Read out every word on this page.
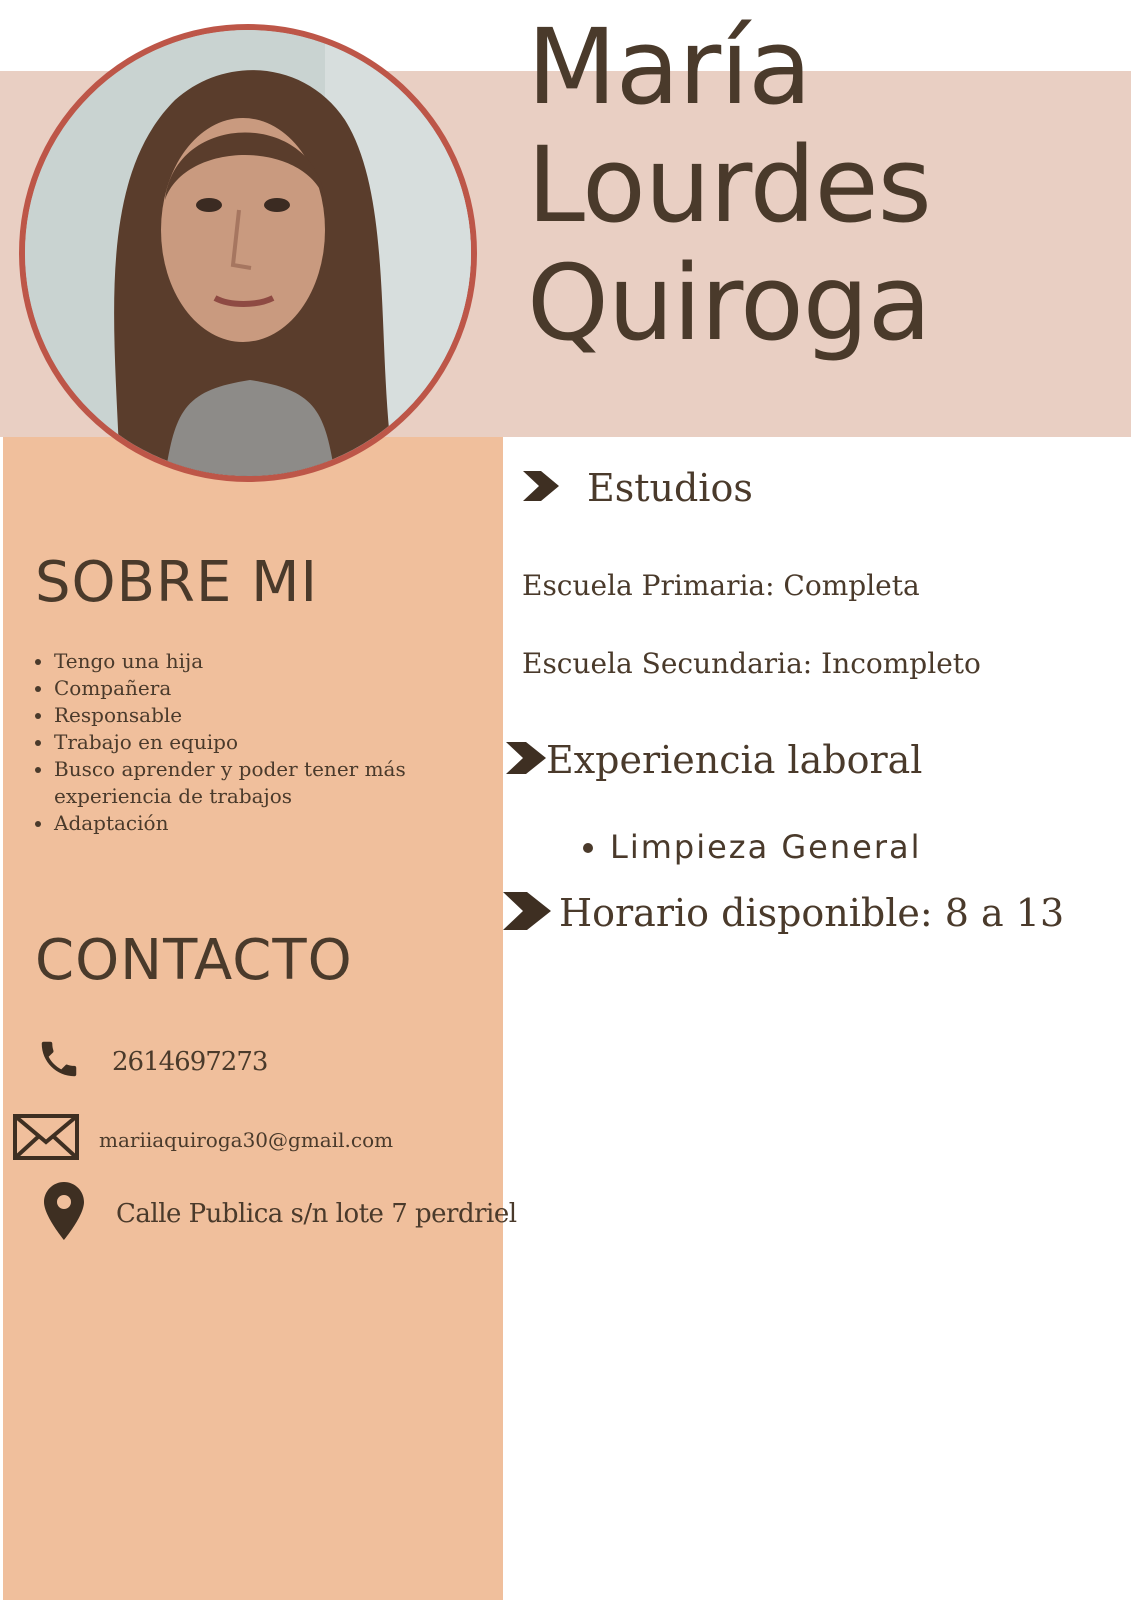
María
Lourdes
Quiroga
SOBRE MI
• Tengo una hija
• Compañera
• Responsable
• Trabajo en equipo
• Busco aprender y poder tener más experiencia de trabajos
• Adaptación
CONTACTO
2614697273
mariiaquiroga30@gmail.com
Calle Publica s/n lote 7 perdriel
Estudios
Escuela Primaria: Completa
Escuela Secundaria: Incompleto
Experiencia laboral
• Limpieza General
Horario disponible: 8 a 13
